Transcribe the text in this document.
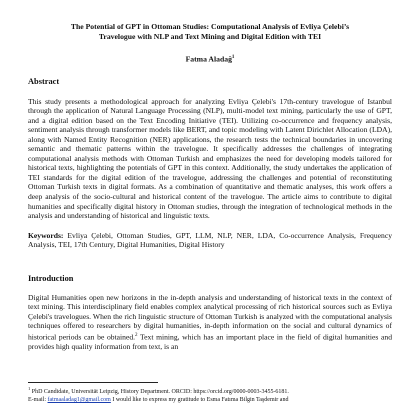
The Potential of GPT in Ottoman Studies: Computational Analysis of Evliya Çelebi’s
Travelogue with NLP and Text Mining and Digital Edition with TEI
Fatma Aladağ$^1$
Abstract
This study presents a methodological approach for analyzing Evliya Çelebi's 17th-century travelogue of Istanbul through the application of Natural Language Processing (NLP), multi-model text mining, particularly the use of GPT, and a digital edition based on the Text Encoding Initiative (TEI). Utilizing co-occurrence and frequency analysis, sentiment analysis through transformer models like BERT, and topic modeling with Latent Dirichlet Allocation (LDA), along with Named Entity Recognition (NER) applications, the research tests the technical boundaries in uncovering semantic and thematic patterns within the travelogue. It specifically addresses the challenges of integrating computational analysis methods with Ottoman Turkish and emphasizes the need for developing models tailored for historical texts, highlighting the potentials of GPT in this context. Additionally, the study undertakes the application of TEI standards for the digital edition of the travelogue, addressing the challenges and potential of reconstituting Ottoman Turkish texts in digital formats. As a combination of quantitative and thematic analyses, this work offers a deep analysis of the socio-cultural and historical content of the travelogue. The article aims to contribute to digital humanities and specifically digital history in Ottoman studies, through the integration of technological methods in the analysis and understanding of historical and linguistic texts.
Keywords: Evliya Çelebi, Ottoman Studies, GPT, LLM, NLP, NER, LDA, Co-occurrence Analysis, Frequency Analysis, TEI, 17th Century, Digital Humanities, Digital History
Introduction
Digital Humanities open new horizons in the in-depth analysis and understanding of historical texts in the context of text mining. This interdisciplinary field enables complex analytical processing of rich historical sources such as Evliya Çelebi's travelogues. When the rich linguistic structure of Ottoman Turkish is analyzed with the computational analysis techniques offered to researchers by digital humanities, in-depth information on the social and cultural dynamics of historical periods can be obtained.$^2$ Text mining, which has an important place in the field of digital humanities and provides high quality information from text, is an
$^1$ PhD Candidate, Universität Leipzig, History Department. ORCID: https://orcid.org/0000-0003-3455-6181.
E-mail: fatmaaladag1@gmail.com I would like to express my gratitude to Esma Fatıma Bilgin Taşdemir and
